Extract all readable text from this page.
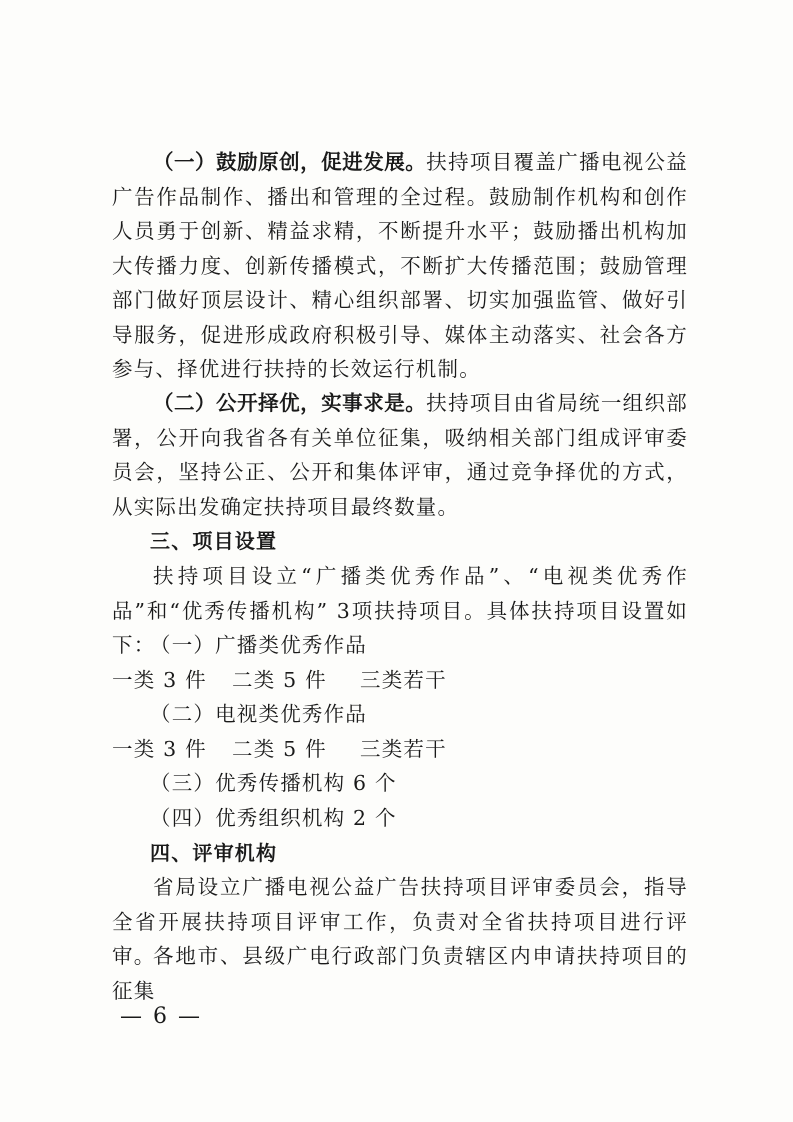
（一）鼓励原创，促进发展。扶持项目覆盖广播电视公益广告作品制作、播出和管理的全过程。鼓励制作机构和创作人员勇于创新、精益求精，不断提升水平；鼓励播出机构加大传播力度、创新传播模式，不断扩大传播范围；鼓励管理部门做好顶层设计、精心组织部署、切实加强监管、做好引导服务，促进形成政府积极引导、媒体主动落实、社会各方参与、择优进行扶持的长效运行机制。

（二）公开择优，实事求是。扶持项目由省局统一组织部署，公开向我省各有关单位征集，吸纳相关部门组成评审委员会，坚持公正、公开和集体评审，通过竞争择优的方式，从实际出发确定扶持项目最终数量。

三、项目设置

扶持项目设立“广播类优秀作品”、“电视类优秀作品”和“优秀传播机构” 3项扶持项目。具体扶持项目设置如下：

（一）广播类优秀作品

一类 3 件 二类 5 件 三类若干

（二）电视类优秀作品

一类 3 件 二类 5 件 三类若干

（三）优秀传播机构 6 个

（四）优秀组织机构 2 个

四、评审机构

省局设立广播电视公益广告扶持项目评审委员会，指导全省开展扶持项目评审工作，负责对全省扶持项目进行评审。

各地市、县级广电行政部门负责辖区内申请扶持项目的征集

— 6 —
